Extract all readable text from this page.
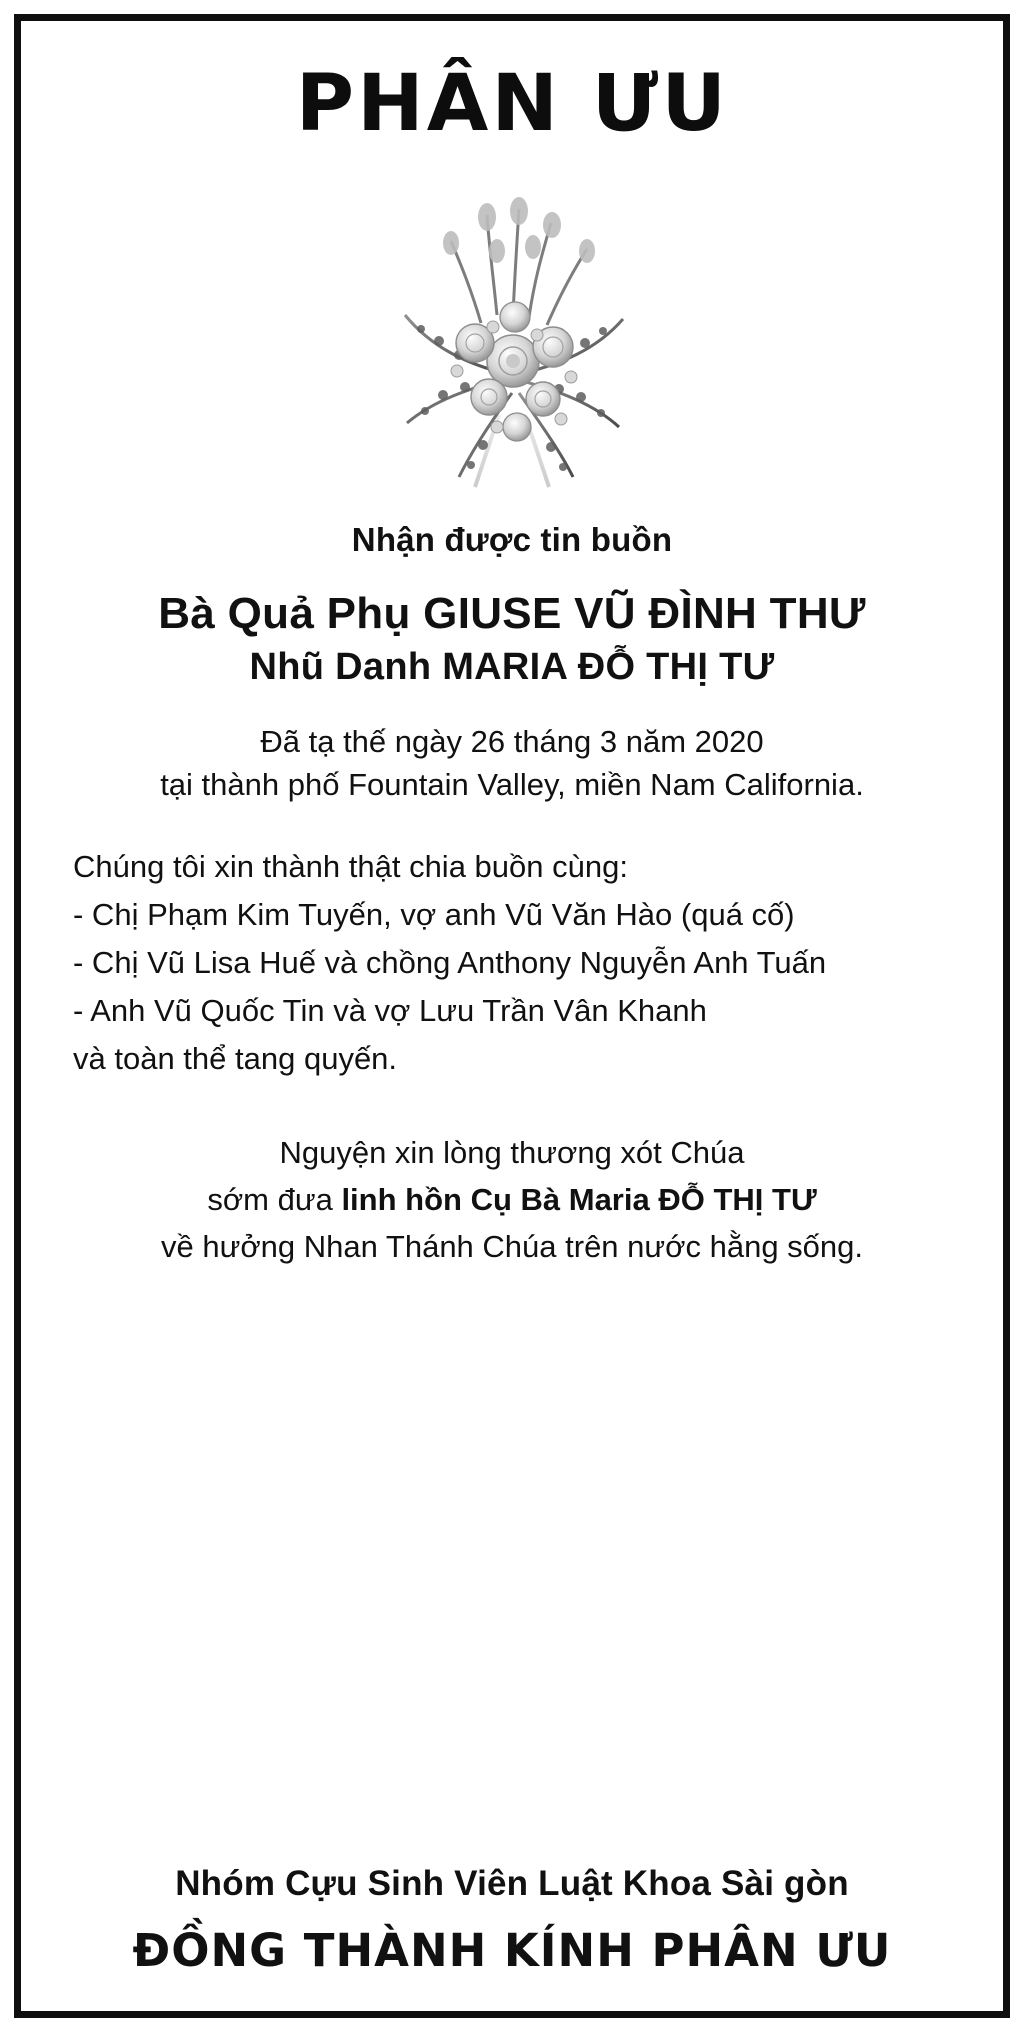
PHÂN ƯU
Nhận được tin buồn
Bà Quả Phụ GIUSE VŨ ĐÌNH THƯ
Nhũ Danh MARIA ĐỖ THỊ TƯ
Đã tạ thế ngày 26 tháng 3 năm 2020
tại thành phố Fountain Valley, miền Nam California.
Chúng tôi xin thành thật chia buồn cùng:
- Chị Phạm Kim Tuyến, vợ anh Vũ Văn Hào (quá cố)
- Chị Vũ Lisa Huế và chồng Anthony Nguyễn Anh Tuấn
- Anh Vũ Quốc Tin và vợ Lưu Trần Vân Khanh
và toàn thể tang quyến.
Nguyện xin lòng thương xót Chúa
sớm đưa linh hồn Cụ Bà Maria ĐỖ THỊ TƯ
về hưởng Nhan Thánh Chúa trên nước hằng sống.
Nhóm Cựu Sinh Viên Luật Khoa Sài gòn
ĐỒNG THÀNH KÍNH PHÂN ƯU
